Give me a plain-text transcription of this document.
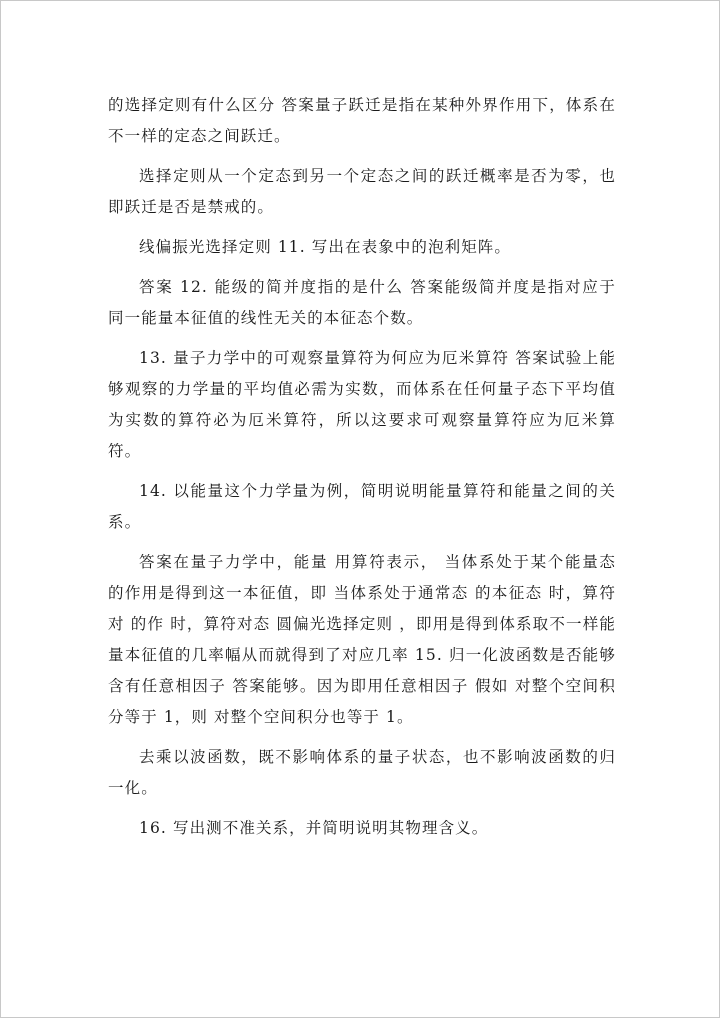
的选择定则有什么区分 答案量子跃迁是指在某种外界作用下，体系在不一样的定态之间跃迁。

选择定则从一个定态到另一个定态之间的跃迁概率是否为零，也即跃迁是否是禁戒的。

线偏振光选择定则 11. 写出在表象中的泡利矩阵。

答案 12. 能级的简并度指的是什么 答案能级简并度是指对应于同一能量本征值的线性无关的本征态个数。

13. 量子力学中的可观察量算符为何应为厄米算符 答案试验上能够观察的力学量的平均值必需为实数，而体系在任何量子态下平均值为实数的算符必为厄米算符，所以这要求可观察量算符应为厄米算符。

14. 以能量这个力学量为例，简明说明能量算符和能量之间的关系。

答案在量子力学中，能量 用算符表示， 当体系处于某个能量态 的作用是得到这一本征值，即 当体系处于通常态 的本征态 时，算符对 的作 时，算符对态 圆偏光选择定则 ，即用是得到体系取不一样能量本征值的几率幅从而就得到了对应几率 15. 归一化波函数是否能够含有任意相因子 答案能够。因为即用任意相因子 假如 对整个空间积分等于 1，则 对整个空间积分也等于 1。

去乘以波函数，既不影响体系的量子状态，也不影响波函数的归一化。

16. 写出测不准关系，并简明说明其物理含义。
